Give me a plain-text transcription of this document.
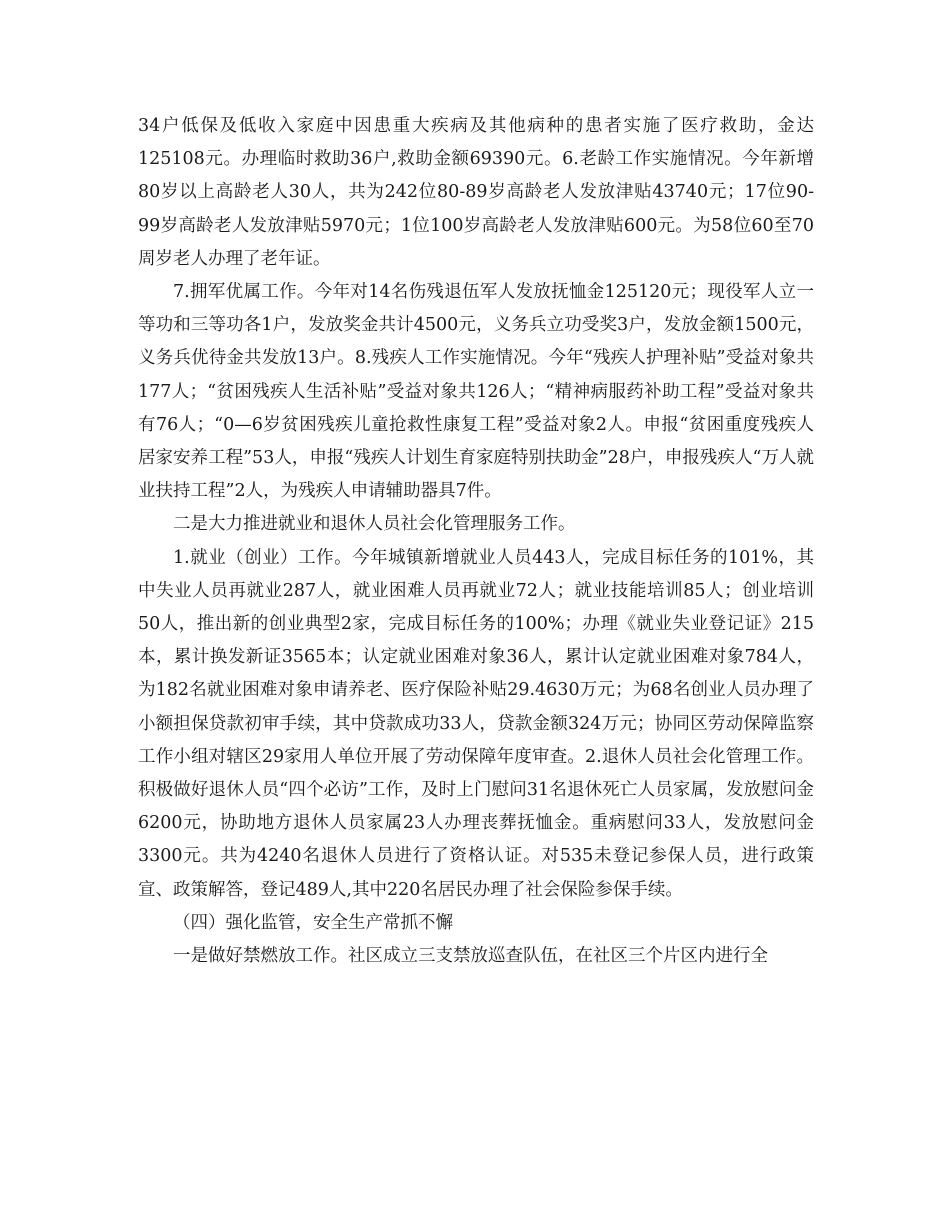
34户低保及低收入家庭中因患重大疾病及其他病种的患者实施了医疗救助，金达125108元。办理临时救助36户,救助金额69390元。6.老龄工作实施情况。今年新增80岁以上高龄老人30人，共为242位80-89岁高龄老人发放津贴43740元；17位90-99岁高龄老人发放津贴5970元；1位100岁高龄老人发放津贴600元。为58位60至70周岁老人办理了老年证。

7.拥军优属工作。今年对14名伤残退伍军人发放抚恤金125120元；现役军人立一等功和三等功各1户，发放奖金共计4500元，义务兵立功受奖3户，发放金额1500元，义务兵优待金共发放13户。8.残疾人工作实施情况。今年“残疾人护理补贴”受益对象共177人；“贫困残疾人生活补贴”受益对象共126人；“精神病服药补助工程”受益对象共有76人；“0—6岁贫困残疾儿童抢救性康复工程”受益对象2人。申报“贫困重度残疾人居家安养工程”53人，申报“残疾人计划生育家庭特别扶助金”28户，申报残疾人“万人就业扶持工程”2人，为残疾人申请辅助器具7件。

二是大力推进就业和退休人员社会化管理服务工作。

1.就业（创业）工作。今年城镇新增就业人员443人，完成目标任务的101%，其中失业人员再就业287人，就业困难人员再就业72人；就业技能培训85人；创业培训50人，推出新的创业典型2家，完成目标任务的100%；办理《就业失业登记证》215本，累计换发新证3565本；认定就业困难对象36人，累计认定就业困难对象784人，为182名就业困难对象申请养老、医疗保险补贴29.4630万元；为68名创业人员办理了小额担保贷款初审手续，其中贷款成功33人，贷款金额324万元；协同区劳动保障监察工作小组对辖区29家用人单位开展了劳动保障年度审查。2.退休人员社会化管理工作。积极做好退休人员“四个必访”工作，及时上门慰问31名退休死亡人员家属，发放慰问金6200元，协助地方退休人员家属23人办理丧葬抚恤金。重病慰问33人，发放慰问金3300元。共为4240名退休人员进行了资格认证。对535未登记参保人员，进行政策宣、政策解答，登记489人,其中220名居民办理了社会保险参保手续。

（四）强化监管，安全生产常抓不懈

一是做好禁燃放工作。社区成立三支禁放巡查队伍，在社区三个片区内进行全
